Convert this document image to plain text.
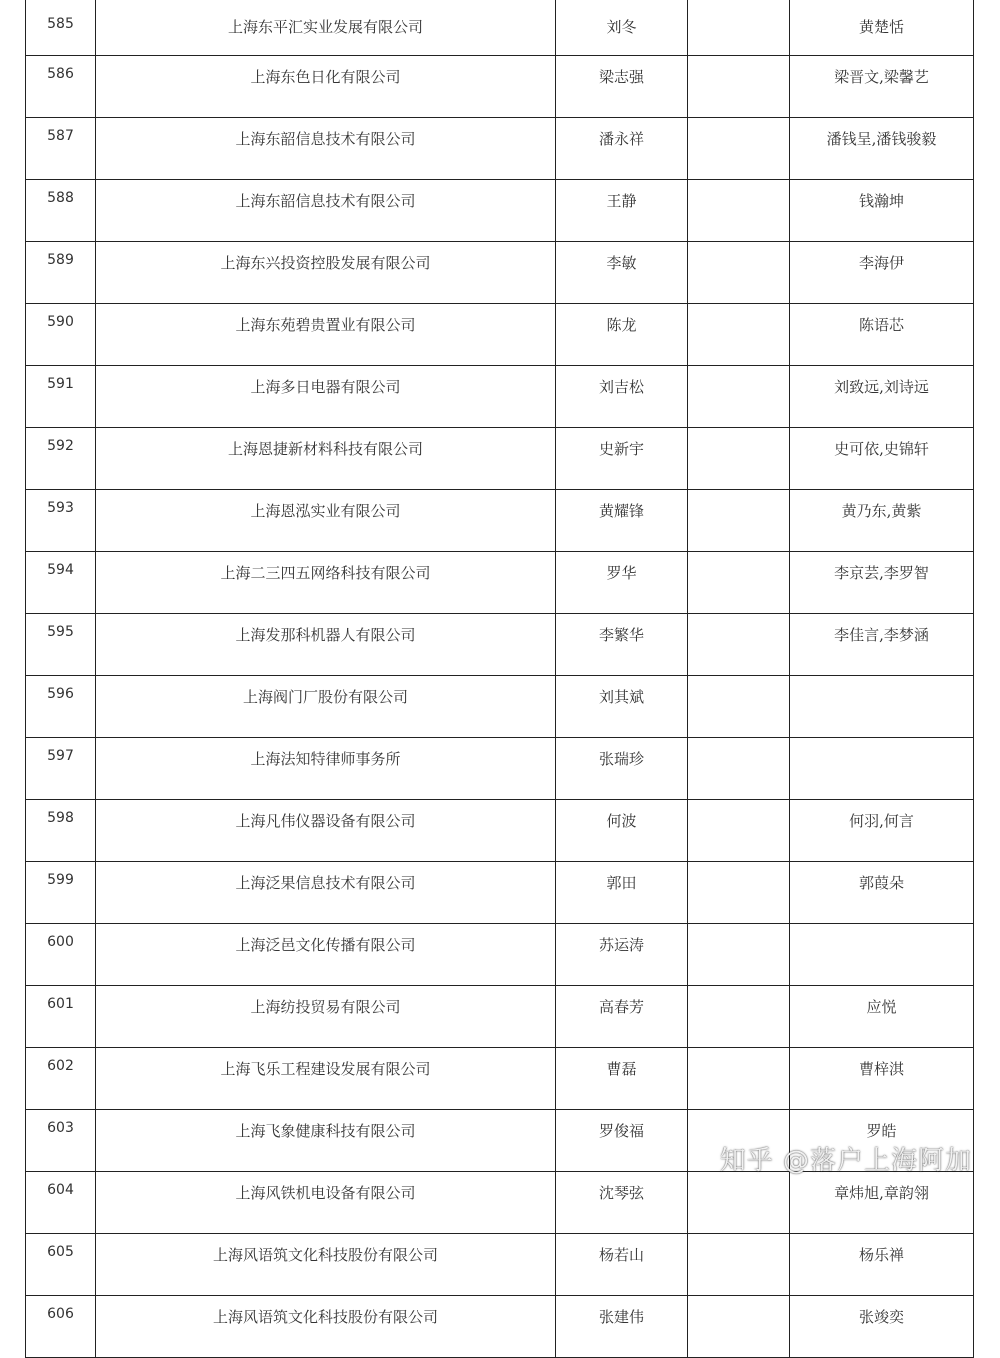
585	上海东平汇实业发展有限公司	刘冬		黄楚恬
586	上海东色日化有限公司	梁志强		梁晋文,梁馨艺
587	上海东韶信息技术有限公司	潘永祥		潘钱呈,潘钱骏毅
588	上海东韶信息技术有限公司	王静		钱瀚坤
589	上海东兴投资控股发展有限公司	李敏		李海伊
590	上海东苑碧贵置业有限公司	陈龙		陈语芯
591	上海多日电器有限公司	刘吉松		刘致远,刘诗远
592	上海恩捷新材料科技有限公司	史新宇		史可依,史锦轩
593	上海恩泓实业有限公司	黄耀锋		黄乃东,黄紫
594	上海二三四五网络科技有限公司	罗华		李京芸,李罗智
595	上海发那科机器人有限公司	李繁华		李佳言,李梦涵
596	上海阀门厂股份有限公司	刘其斌		
597	上海法知特律师事务所	张瑞珍		
598	上海凡伟仪器设备有限公司	何波		何羽,何言
599	上海泛果信息技术有限公司	郭田		郭葭朵
600	上海泛邑文化传播有限公司	苏运涛		
601	上海纺投贸易有限公司	高春芳		应悦
602	上海飞乐工程建设发展有限公司	曹磊		曹梓淇
603	上海飞象健康科技有限公司	罗俊福		罗皓
604	上海风铁机电设备有限公司	沈琴弦		章炜旭,章韵翎
605	上海风语筑文化科技股份有限公司	杨若山		杨乐禅
606	上海风语筑文化科技股份有限公司	张建伟		张竣奕
知乎 @落户上海阿加
